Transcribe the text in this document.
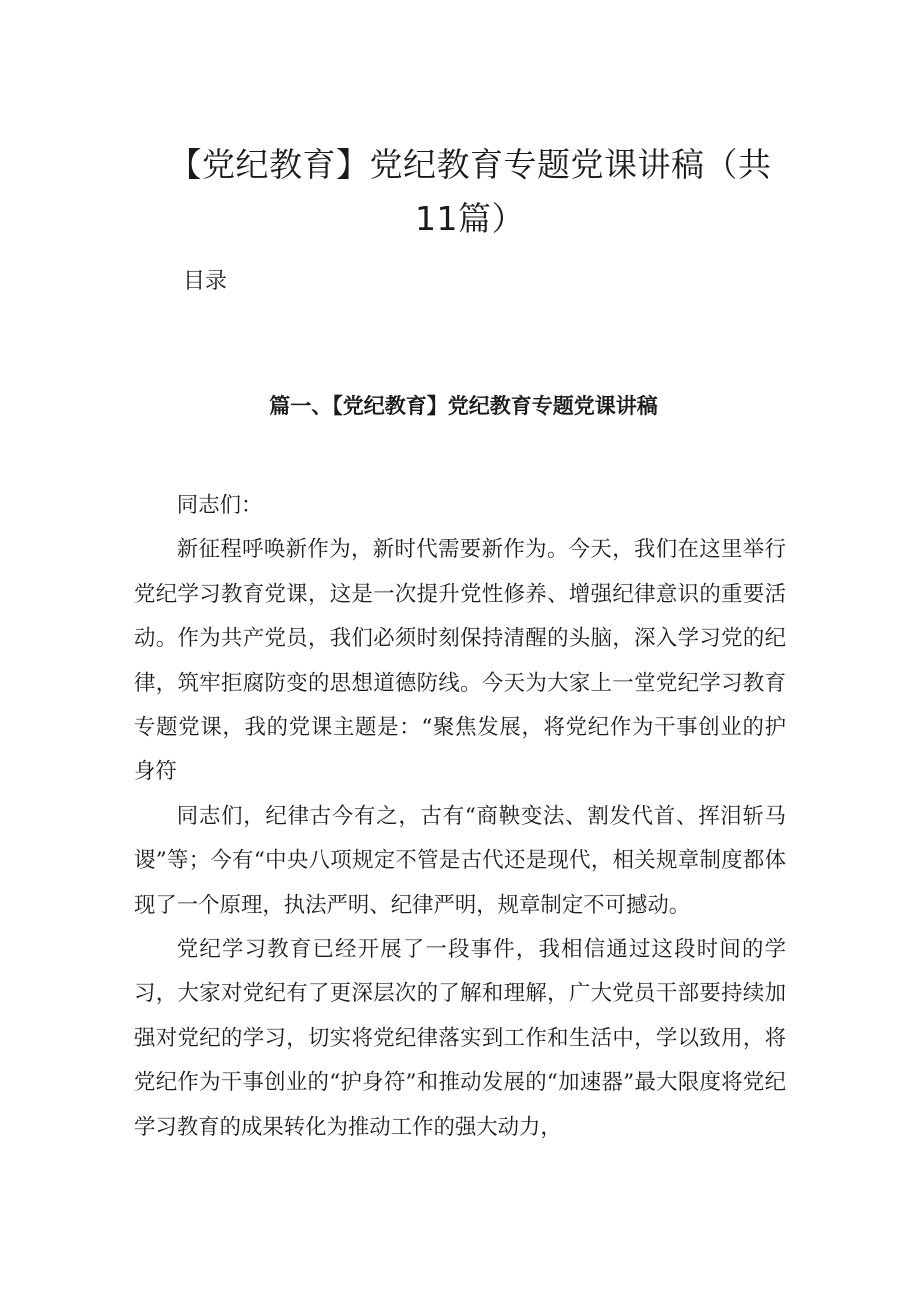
【党纪教育】党纪教育专题党课讲稿（共11篇）

目录

篇一、【党纪教育】党纪教育专题党课讲稿

同志们：

新征程呼唤新作为，新时代需要新作为。今天，我们在这里举行党纪学习教育党课，这是一次提升党性修养、增强纪律意识的重要活动。作为共产党员，我们必须时刻保持清醒的头脑，深入学习党的纪律，筑牢拒腐防变的思想道德防线。今天为大家上一堂党纪学习教育专题党课，我的党课主题是：“聚焦发展，将党纪作为干事创业的护身符

同志们，纪律古今有之，古有“商鞅变法、割发代首、挥泪斩马谡”等；今有“中央八项规定不管是古代还是现代，相关规章制度都体现了一个原理，执法严明、纪律严明，规章制定不可撼动。

党纪学习教育已经开展了一段事件，我相信通过这段时间的学习，大家对党纪有了更深层次的了解和理解，广大党员干部要持续加强对党纪的学习，切实将党纪律落实到工作和生活中，学以致用，将党纪作为干事创业的“护身符”和推动发展的“加速器”最大限度将党纪学习教育的成果转化为推动工作的强大动力，
